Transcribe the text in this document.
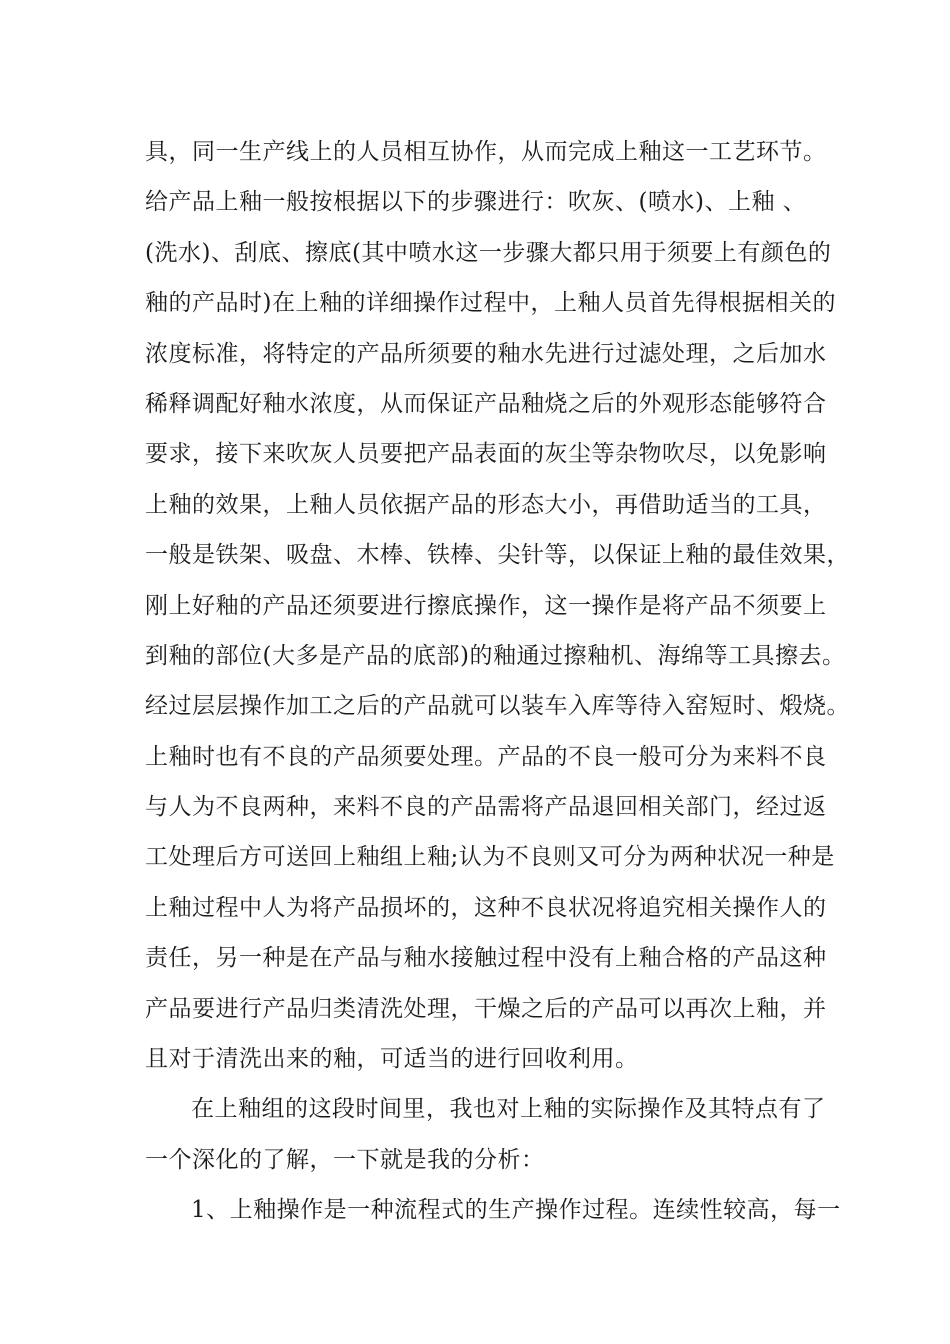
具，同一生产线上的人员相互协作，从而完成上釉这一工艺环节。
给产品上釉一般按根据以下的步骤进行：吹灰、(喷水)、上釉 、
(洗水)、刮底、擦底(其中喷水这一步骤大都只用于须要上有颜色的
釉的产品时)在上釉的详细操作过程中，上釉人员首先得根据相关的
浓度标准，将特定的产品所须要的釉水先进行过滤处理，之后加水
稀释调配好釉水浓度，从而保证产品釉烧之后的外观形态能够符合
要求，接下来吹灰人员要把产品表面的灰尘等杂物吹尽，以免影响
上釉的效果，上釉人员依据产品的形态大小，再借助适当的工具，
一般是铁架、吸盘、木棒、铁棒、尖针等，以保证上釉的最佳效果，
刚上好釉的产品还须要进行擦底操作，这一操作是将产品不须要上
到釉的部位(大多是产品的底部)的釉通过擦釉机、海绵等工具擦去。
经过层层操作加工之后的产品就可以装车入库等待入窑短时、煅烧。
上釉时也有不良的产品须要处理。产品的不良一般可分为来料不良
与人为不良两种，来料不良的产品需将产品退回相关部门，经过返
工处理后方可送回上釉组上釉;认为不良则又可分为两种状况一种是
上釉过程中人为将产品损坏的，这种不良状况将追究相关操作人的
责任，另一种是在产品与釉水接触过程中没有上釉合格的产品这种
产品要进行产品归类清洗处理，干燥之后的产品可以再次上釉，并
且对于清洗出来的釉，可适当的进行回收利用。
在上釉组的这段时间里，我也对上釉的实际操作及其特点有了
一个深化的了解，一下就是我的分析：
1、上釉操作是一种流程式的生产操作过程。连续性较高，每一
